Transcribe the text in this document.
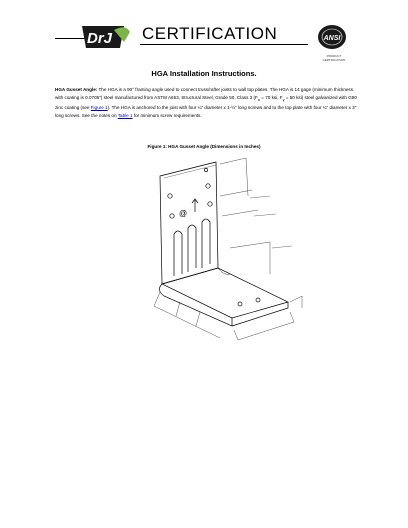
DrJ CERTIFICATION	ANSI
PRODUCT CERTIFICATION
HGA Installation Instructions.
HGA Gusset Angle: The HGA is a 90° framing angle used to connect truss/rafter joists to wall top plates. The HGA is 14 gage (minimum thickness with coating is 0.0705") steel manufactured from ASTM A653, Structural Steel, Grade 50, Class 3 ($F_u = 70$ ksi, $F_y = 50$ ksi) steel galvanized with G90 zinc coating (see Figure 1). The HGA is anchored to the joist with four ¼" diameter x 1-½" long screws and to the top plate with four ¼" diameter x 3" long screws. See the notes on Table 1 for minimum screw requirements.
Figure 1: HGA Gusset Angle (Dimensions in Inches)
@
